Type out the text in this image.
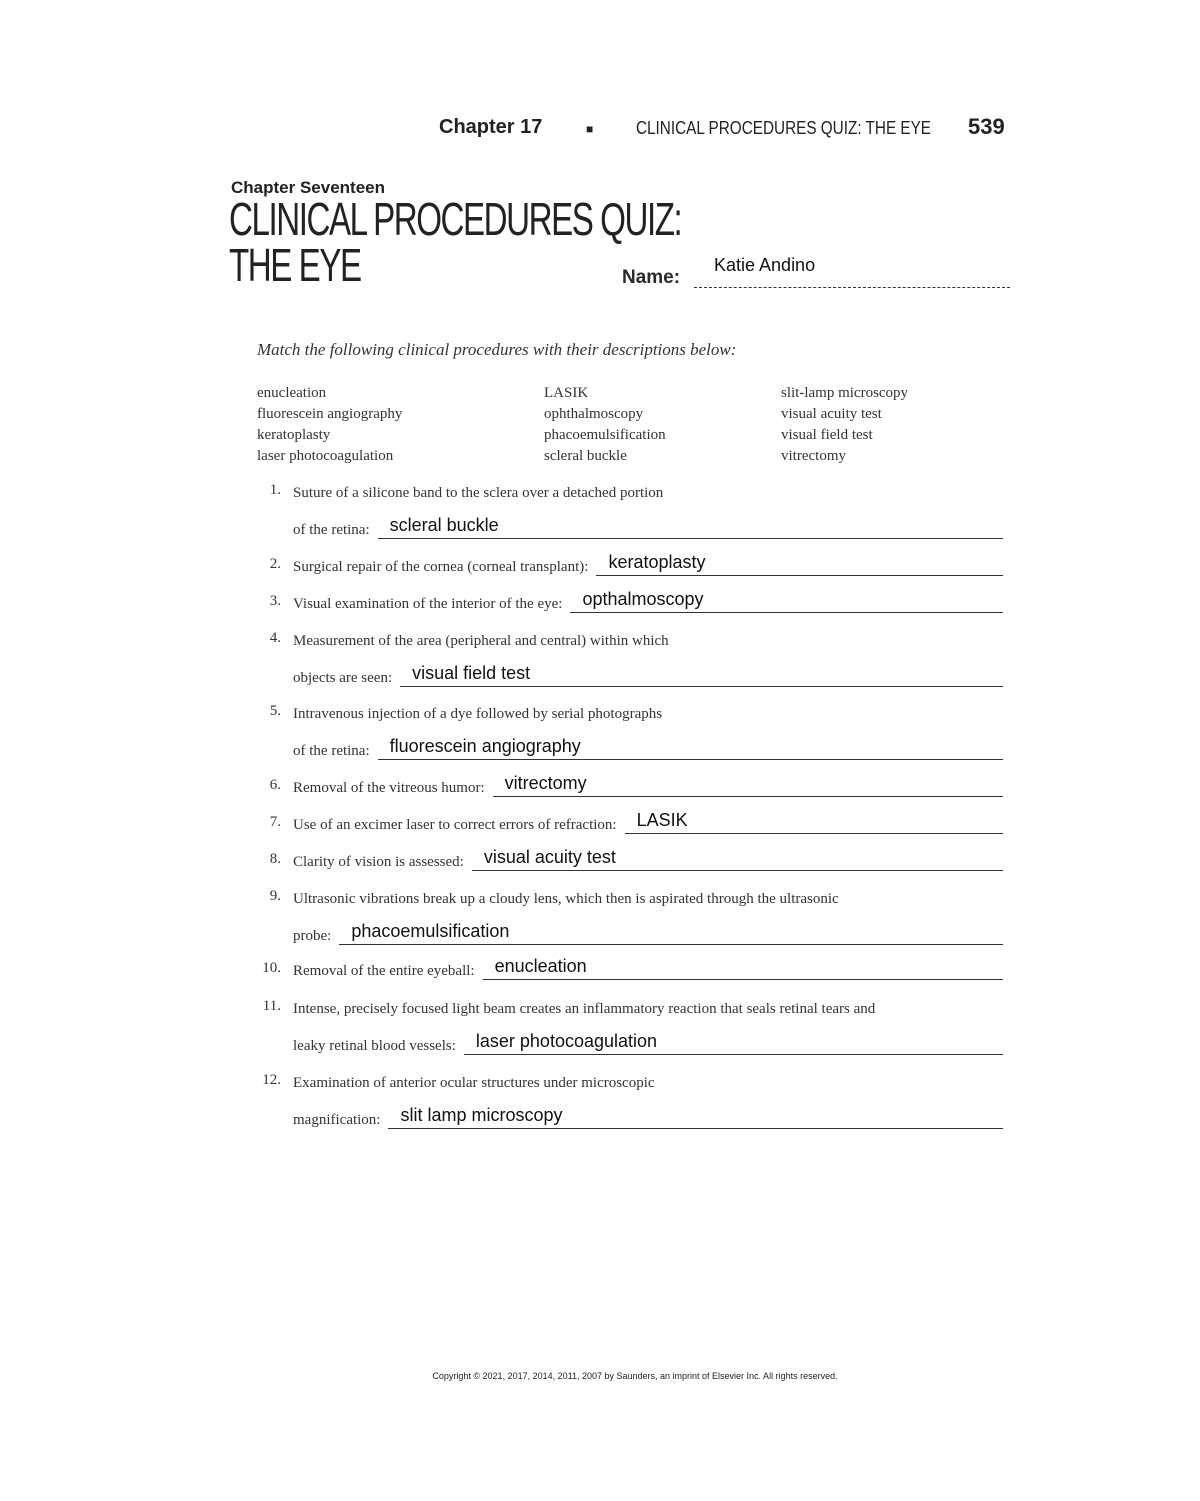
Chapter 17	■ CLINICAL PROCEDURES QUIZ: THE EYE 539
Chapter Seventeen
CLINICAL PROCEDURES QUIZ:
THE EYE	Name:
Katie Andino
Match the following clinical procedures with their descriptions below:
enucleation
fluorescein angiography
keratoplasty
laser photocoagulation
LASIK
ophthalmoscopy
phacoemulsification
scleral buckle
slit-lamp microscopy
visual acuity test
visual field test
vitrectomy
1. Suture of a silicone band to the sclera over a detached portion
of the retina: scleral buckle
2. Surgical repair of the cornea (corneal transplant): keratoplasty
3. Visual examination of the interior of the eye: opthalmoscopy
4. Measurement of the area (peripheral and central) within which
objects are seen: visual field test
5. Intravenous injection of a dye followed by serial photographs
of the retina: fluorescein angiography
6. Removal of the vitreous humor: vitrectomy
7. Use of an excimer laser to correct errors of refraction: LASIK
8. Clarity of vision is assessed: visual acuity test
9. Ultrasonic vibrations break up a cloudy lens, which then is aspirated through the ultrasonic
probe: phacoemulsification
10. Removal of the entire eyeball: enucleation
11. Intense, precisely focused light beam creates an inflammatory reaction that seals retinal tears and
leaky retinal blood vessels: laser photocoagulation
12. Examination of anterior ocular structures under microscopic
magnification: slit lamp microscopy
Copyright © 2021, 2017, 2014, 2011, 2007 by Saunders, an imprint of Elsevier Inc. All rights reserved.
